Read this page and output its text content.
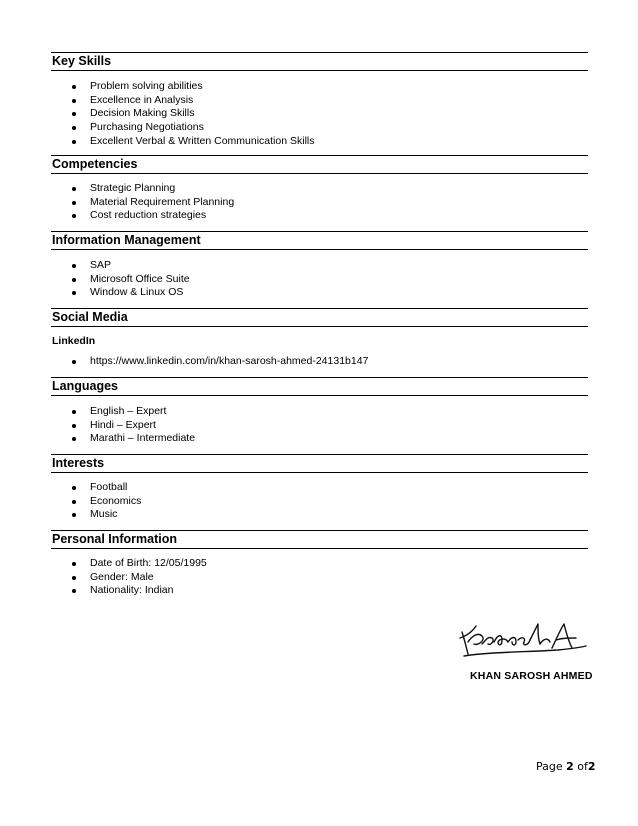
Key Skills
Problem solving abilities
Excellence in Analysis
Decision Making Skills
Purchasing Negotiations
Excellent Verbal & Written Communication Skills
Competencies
Strategic Planning
Material Requirement Planning
Cost reduction strategies
Information Management
SAP
Microsoft Office Suite
Window & Linux OS
Social Media
LinkedIn
https://www.linkedin.com/in/khan-sarosh-ahmed-24131b147
Languages
English – Expert
Hindi – Expert
Marathi – Intermediate
Interests
Football
Economics
Music
Personal Information
Date of Birth: 12/05/1995
Gender: Male
Nationality: Indian
KHAN SAROSH AHMED
Page 2 of2
